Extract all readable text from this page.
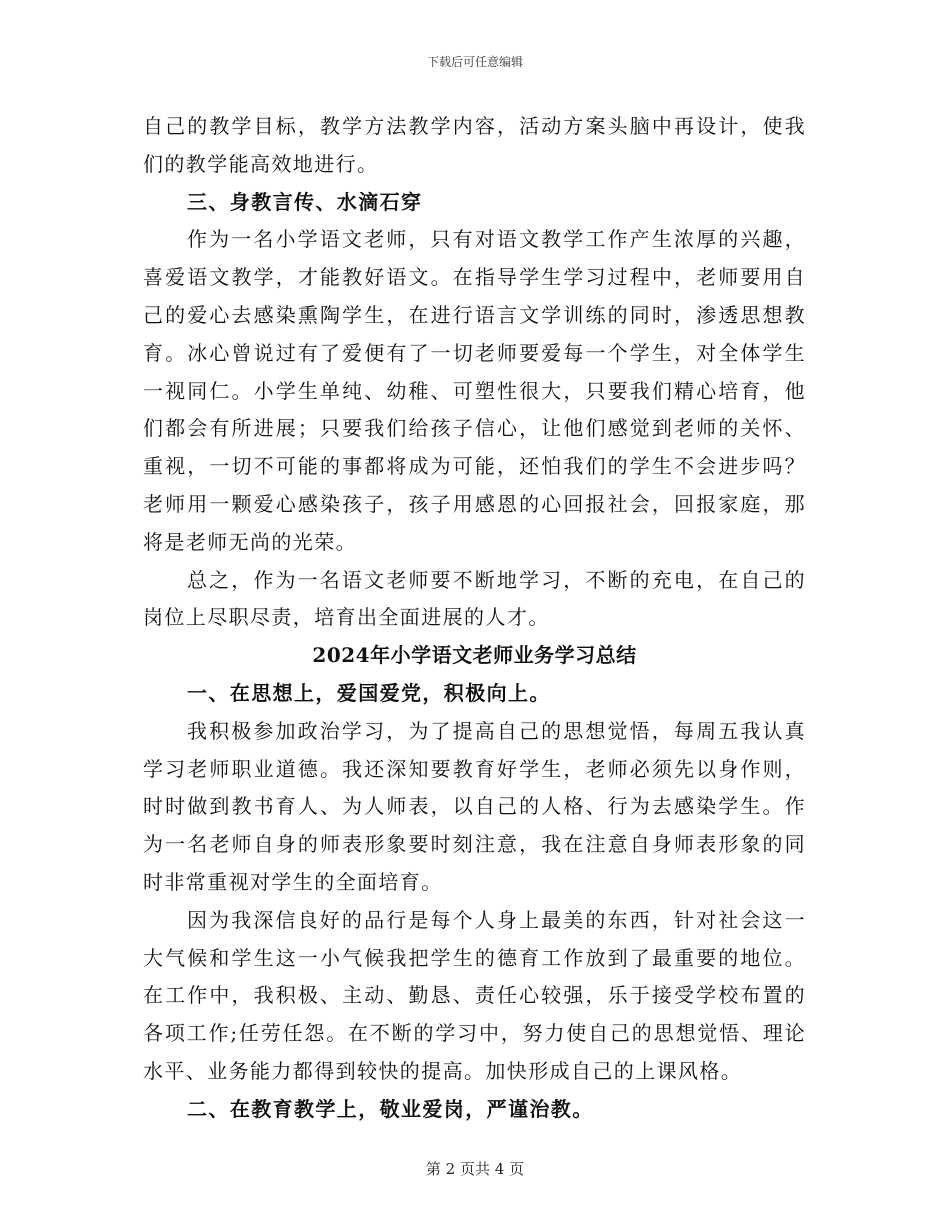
下载后可任意编辑

自己的教学目标，教学方法教学内容，活动方案头脑中再设计，使我们的教学能高效地进行。

三、身教言传、水滴石穿

作为一名小学语文老师，只有对语文教学工作产生浓厚的兴趣，喜爱语文教学，才能教好语文。在指导学生学习过程中，老师要用自己的爱心去感染熏陶学生，在进行语言文学训练的同时，渗透思想教育。冰心曾说过有了爱便有了一切老师要爱每一个学生，对全体学生一视同仁。小学生单纯、幼稚、可塑性很大，只要我们精心培育，他们都会有所进展；只要我们给孩子信心，让他们感觉到老师的关怀、重视，一切不可能的事都将成为可能，还怕我们的学生不会进步吗？老师用一颗爱心感染孩子，孩子用感恩的心回报社会，回报家庭，那将是老师无尚的光荣。

总之，作为一名语文老师要不断地学习，不断的充电，在自己的岗位上尽职尽责，培育出全面进展的人才。

2024年小学语文老师业务学习总结

一、在思想上，爱国爱党，积极向上。

我积极参加政治学习，为了提高自己的思想觉悟，每周五我认真学习老师职业道德。我还深知要教育好学生，老师必须先以身作则，时时做到教书育人、为人师表，以自己的人格、行为去感染学生。作为一名老师自身的师表形象要时刻注意，我在注意自身师表形象的同时非常重视对学生的全面培育。

因为我深信良好的品行是每个人身上最美的东西，针对社会这一大气候和学生这一小气候我把学生的德育工作放到了最重要的地位。在工作中，我积极、主动、勤恳、责任心较强，乐于接受学校布置的各项工作;任劳任怨。在不断的学习中，努力使自己的思想觉悟、理论水平、业务能力都得到较快的提高。加快形成自己的上课风格。

二、在教育教学上，敬业爱岗，严谨治教。

第 2 页共 4 页
